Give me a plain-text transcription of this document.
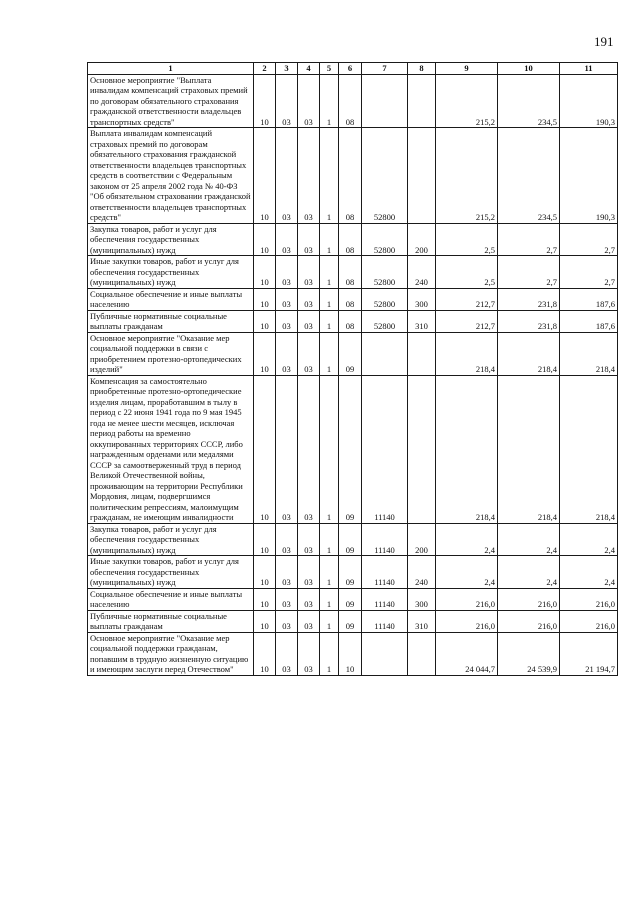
191
1	2	3	4	5	6	7	8	9	10	11
Основное мероприятие "Выплата инвалидам компенсаций страховых премий по договорам обязательного страхования гражданской ответственности владельцев транспортных средств"	10	03	03	1	08			215,2	234,5	190,3
Выплата инвалидам компенсаций страховых премий по договорам обязательного страхования гражданской ответственности владельцев транспортных средств в соответствии с Федеральным законом от 25 апреля 2002 года № 40-ФЗ "Об обязательном страховании гражданской ответственности владельцев транспортных средств"	10	03	03	1	08	52800		215,2	234,5	190,3
Закупка товаров, работ и услуг для обеспечения государственных (муниципальных) нужд	10	03	03	1	08	52800	200	2,5	2,7	2,7
Иные закупки товаров, работ и услуг для обеспечения государственных (муниципальных) нужд	10	03	03	1	08	52800	240	2,5	2,7	2,7
Социальное обеспечение и иные выплаты населению	10	03	03	1	08	52800	300	212,7	231,8	187,6
Публичные нормативные социальные выплаты гражданам	10	03	03	1	08	52800	310	212,7	231,8	187,6
Основное мероприятие "Оказание мер социальной поддержки в связи с приобретением протезно-ортопедических изделий"	10	03	03	1	09			218,4	218,4	218,4
Компенсация за самостоятельно приобретенные протезно-ортопедические изделия лицам, проработавшим в тылу в период с 22 июня 1941 года по 9 мая 1945 года не менее шести месяцев, исключая период работы на временно оккупированных территориях СССР, либо награжденным орденами или медалями СССР за самоотверженный труд в период Великой Отечественной войны, проживающим на территории Республики Мордовия, лицам, подвергшимся политическим репрессиям, малоимущим гражданам, не имеющим инвалидности	10	03	03	1	09	11140		218,4	218,4	218,4
Закупка товаров, работ и услуг для обеспечения государственных (муниципальных) нужд	10	03	03	1	09	11140	200	2,4	2,4	2,4
Иные закупки товаров, работ и услуг для обеспечения государственных (муниципальных) нужд	10	03	03	1	09	11140	240	2,4	2,4	2,4
Социальное обеспечение и иные выплаты населению	10	03	03	1	09	11140	300	216,0	216,0	216,0
Публичные нормативные социальные выплаты гражданам	10	03	03	1	09	11140	310	216,0	216,0	216,0
Основное мероприятие "Оказание мер социальной поддержки гражданам, попавшим в трудную жизненную ситуацию и имеющим заслуги перед Отечеством"	10	03	03	1	10			24 044,7	24 539,9	21 194,7
